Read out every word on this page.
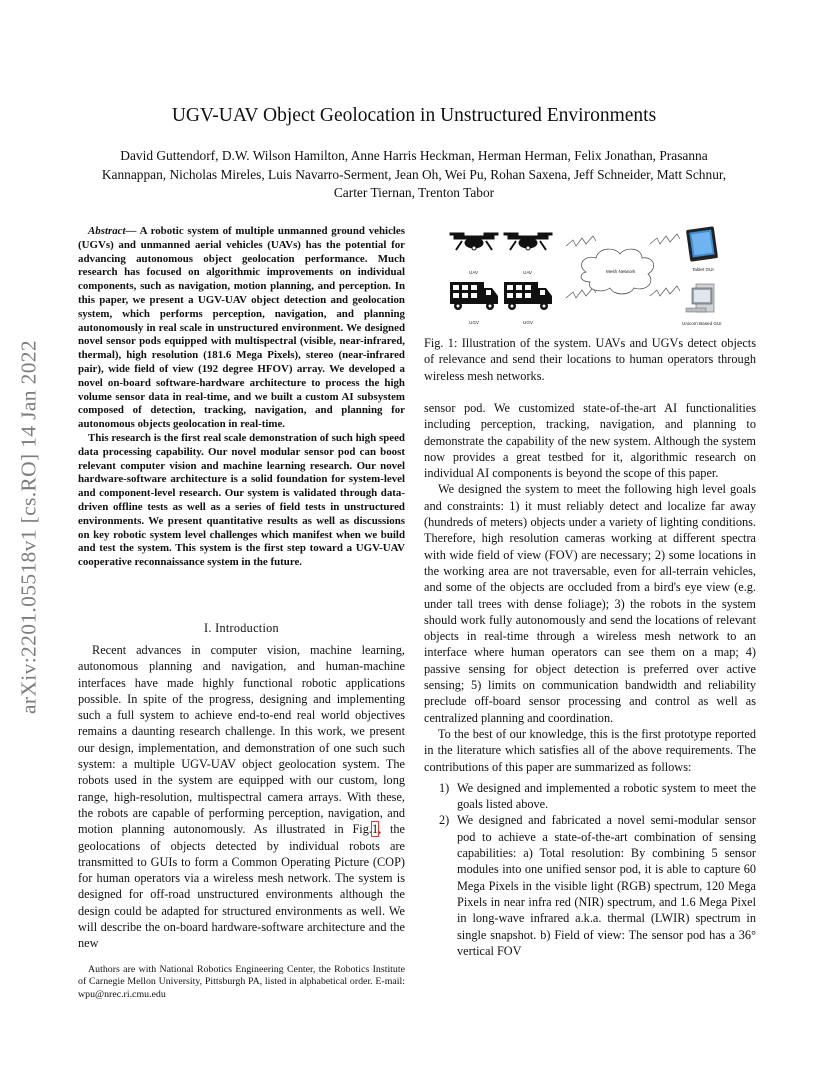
arXiv:2201.05518v1 [cs.RO] 14 Jan 2022
UGV-UAV Object Geolocation in Unstructured Environments
David Guttendorf, D.W. Wilson Hamilton, Anne Harris Heckman, Herman Herman, Felix Jonathan, Prasanna Kannappan, Nicholas Mireles, Luis Navarro-Serment, Jean Oh, Wei Pu, Rohan Saxena, Jeff Schneider, Matt Schnur, Carter Tiernan, Trenton Tabor

Abstract— A robotic system of multiple unmanned ground vehicles (UGVs) and unmanned aerial vehicles (UAVs) has the potential for advancing autonomous object geolocation performance. Much research has focused on algorithmic improvements on individual components, such as navigation, motion planning, and perception. In this paper, we present a UGV-UAV object detection and geolocation system, which performs perception, navigation, and planning autonomously in real scale in unstructured environment. We designed novel sensor pods equipped with multispectral (visible, near-infrared, thermal), high resolution (181.6 Mega Pixels), stereo (near-infrared pair), wide field of view (192 degree HFOV) array. We developed a novel on-board software-hardware architecture to process the high volume sensor data in real-time, and we built a custom AI subsystem composed of detection, tracking, navigation, and planning for autonomous objects geolocation in real-time.

This research is the first real scale demonstration of such high speed data processing capability. Our novel modular sensor pod can boost relevant computer vision and machine learning research. Our novel hardware-software architecture is a solid foundation for system-level and component-level research. Our system is validated through data-driven offline tests as well as a series of field tests in unstructured environments. We present quantitative results as well as discussions on key robotic system level challenges which manifest when we build and test the system. This system is the first step toward a UGV-UAV cooperative reconnaissance system in the future.

I. Introduction

Recent advances in computer vision, machine learning, autonomous planning and navigation, and human-machine interfaces have made highly functional robotic applications possible. In spite of the progress, designing and implementing such a full system to achieve end-to-end real world objectives remains a daunting research challenge. In this work, we present our design, implementation, and demonstration of one such such system: a multiple UGV-UAV object geolocation system. The robots used in the system are equipped with our custom, long range, high-resolution, multispectral camera arrays. With these, the robots are capable of performing perception, navigation, and motion planning autonomously. As illustrated in Fig.1, the geolocations of objects detected by individual robots are transmitted to GUIs to form a Common Operating Picture (COP) for human operators via a wireless mesh network. The system is designed for off-road unstructured environments although the design could be adapted for structured environments as well. We will describe the on-board hardware-software architecture and the new

Authors are with National Robotics Engineering Center, the Robotics Institute of Carnegie Mellon University, Pittsburgh PA, listed in alphabetical order. E-mail: wpu@nrec.ri.cmu.edu
UAV	UAV	Mesh Network	Tablet GUI
UGV	UGV	Unicorn Based GUI
Fig. 1: Illustration of the system. UAVs and UGVs detect objects of relevance and send their locations to human operators through wireless mesh networks.

sensor pod. We customized state-of-the-art AI functionalities including perception, tracking, navigation, and planning to demonstrate the capability of the new system. Although the system now provides a great testbed for it, algorithmic research on individual AI components is beyond the scope of this paper.

We designed the system to meet the following high level goals and constraints: 1) it must reliably detect and localize far away (hundreds of meters) objects under a variety of lighting conditions. Therefore, high resolution cameras working at different spectra with wide field of view (FOV) are necessary; 2) some locations in the working area are not traversable, even for all-terrain vehicles, and some of the objects are occluded from a bird's eye view (e.g. under tall trees with dense foliage); 3) the robots in the system should work fully autonomously and send the locations of relevant objects in real-time through a wireless mesh network to an interface where human operators can see them on a map; 4) passive sensing for object detection is preferred over active sensing; 5) limits on communication bandwidth and reliability preclude off-board sensor processing and control as well as centralized planning and coordination.

To the best of our knowledge, this is the first prototype reported in the literature which satisfies all of the above requirements. The contributions of this paper are summarized as follows:

1) We designed and implemented a robotic system to meet the goals listed above.
2) We designed and fabricated a novel semi-modular sensor pod to achieve a state-of-the-art combination of sensing capabilities: a) Total resolution: By combining 5 sensor modules into one unified sensor pod, it is able to capture 60 Mega Pixels in the visible light (RGB) spectrum, 120 Mega Pixels in near infra red (NIR) spectrum, and 1.6 Mega Pixel in long-wave infrared a.k.a. thermal (LWIR) spectrum in single snapshot. b) Field of view: The sensor pod has a 36° vertical FOV
